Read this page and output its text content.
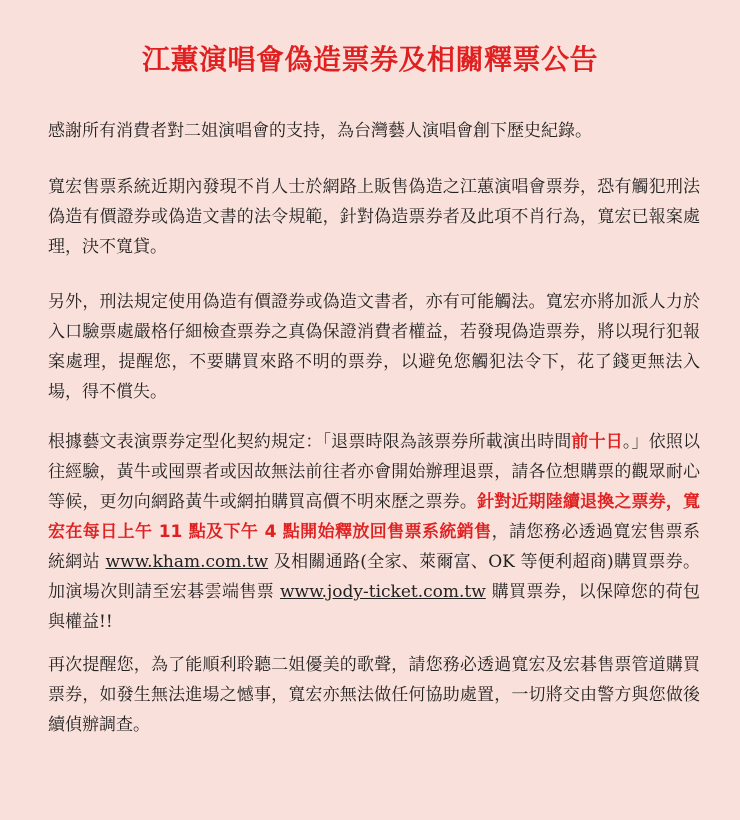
江蕙演唱會偽造票券及相關釋票公告

感謝所有消費者對二姐演唱會的支持，為台灣藝人演唱會創下歷史紀錄。

寬宏售票系統近期內發現不肖人士於網路上販售偽造之江蕙演唱會票券，恐有觸犯刑法偽造有價證券或偽造文書的法令規範，針對偽造票券者及此項不肖行為，寬宏已報案處理，決不寬貸。

另外，刑法規定使用偽造有價證券或偽造文書者，亦有可能觸法。寬宏亦將加派人力於入口驗票處嚴格仔細檢查票券之真偽保證消費者權益，若發現偽造票券，將以現行犯報案處理，提醒您，不要購買來路不明的票券，以避免您觸犯法令下，花了錢更無法入場，得不償失。

根據藝文表演票券定型化契約規定：「退票時限為該票券所載演出時間前十日。」依照以往經驗，黃牛或囤票者或因故無法前往者亦會開始辦理退票，請各位想購票的觀眾耐心等候，更勿向網路黃牛或網拍購買高價不明來歷之票券。針對近期陸續退換之票券，寬宏在每日上午 11 點及下午 4 點開始釋放回售票系統銷售，請您務必透過寬宏售票系統網站 www.kham.com.tw 及相關通路(全家、萊爾富、OK 等便利超商)購買票券。加演場次則請至宏碁雲端售票 www.jody-ticket.com.tw 購買票券，以保障您的荷包與權益!!

再次提醒您，為了能順利聆聽二姐優美的歌聲，請您務必透過寬宏及宏碁售票管道購買票券，如發生無法進場之憾事，寬宏亦無法做任何協助處置，一切將交由警方與您做後續偵辦調查。
